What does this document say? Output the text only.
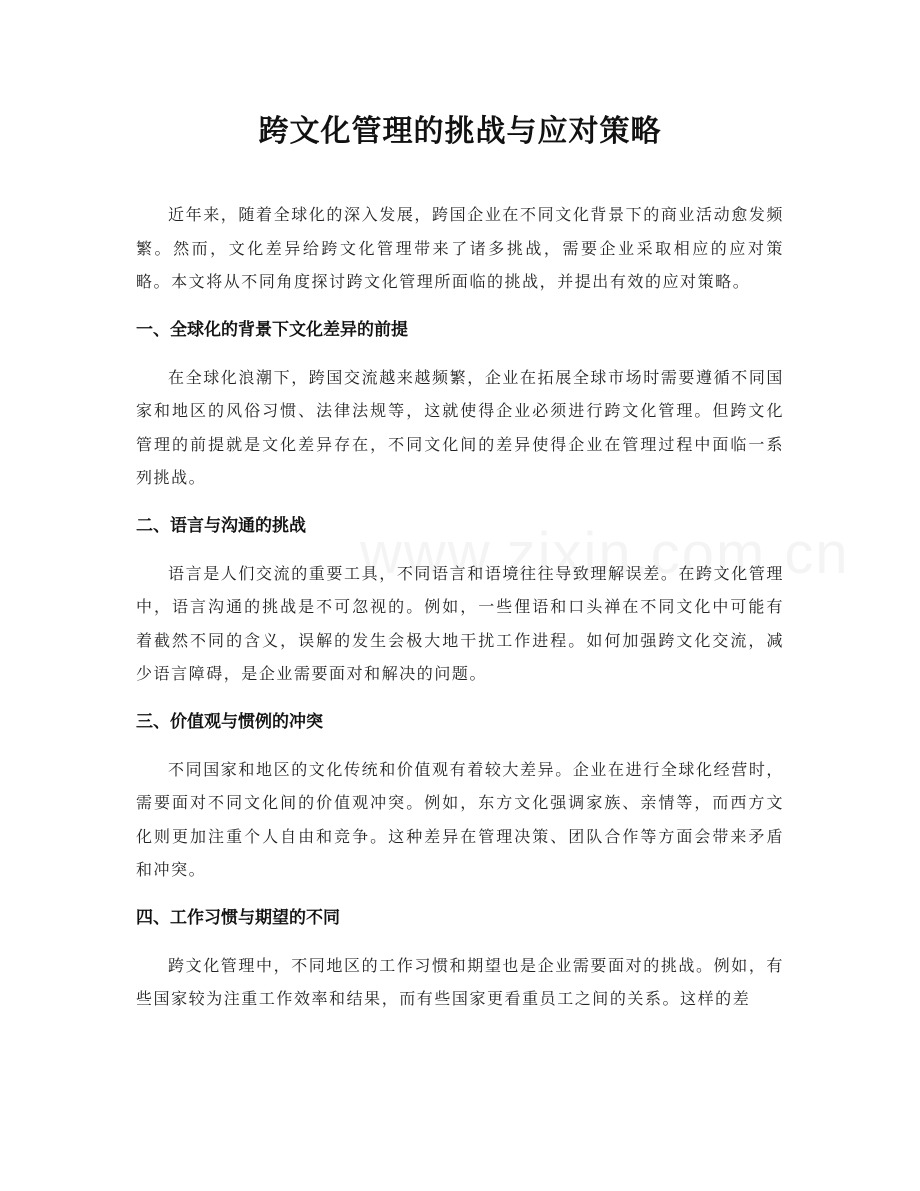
跨文化管理的挑战与应对策略

近年来，随着全球化的深入发展，跨国企业在不同文化背景下的商业活动愈发频繁。然而，文化差异给跨文化管理带来了诸多挑战，需要企业采取相应的应对策略。本文将从不同角度探讨跨文化管理所面临的挑战，并提出有效的应对策略。

一、全球化的背景下文化差异的前提

在全球化浪潮下，跨国交流越来越频繁，企业在拓展全球市场时需要遵循不同国家和地区的风俗习惯、法律法规等，这就使得企业必须进行跨文化管理。但跨文化管理的前提就是文化差异存在，不同文化间的差异使得企业在管理过程中面临一系列挑战。

二、语言与沟通的挑战

语言是人们交流的重要工具，不同语言和语境往往导致理解误差。在跨文化管理中，语言沟通的挑战是不可忽视的。例如，一些俚语和口头禅在不同文化中可能有着截然不同的含义，误解的发生会极大地干扰工作进程。如何加强跨文化交流，减少语言障碍，是企业需要面对和解决的问题。

三、价值观与惯例的冲突

不同国家和地区的文化传统和价值观有着较大差异。企业在进行全球化经营时，需要面对不同文化间的价值观冲突。例如，东方文化强调家族、亲情等，而西方文化则更加注重个人自由和竞争。这种差异在管理决策、团队合作等方面会带来矛盾和冲突。

四、工作习惯与期望的不同

跨文化管理中，不同地区的工作习惯和期望也是企业需要面对的挑战。例如，有些国家较为注重工作效率和结果，而有些国家更看重员工之间的关系。这样的差
